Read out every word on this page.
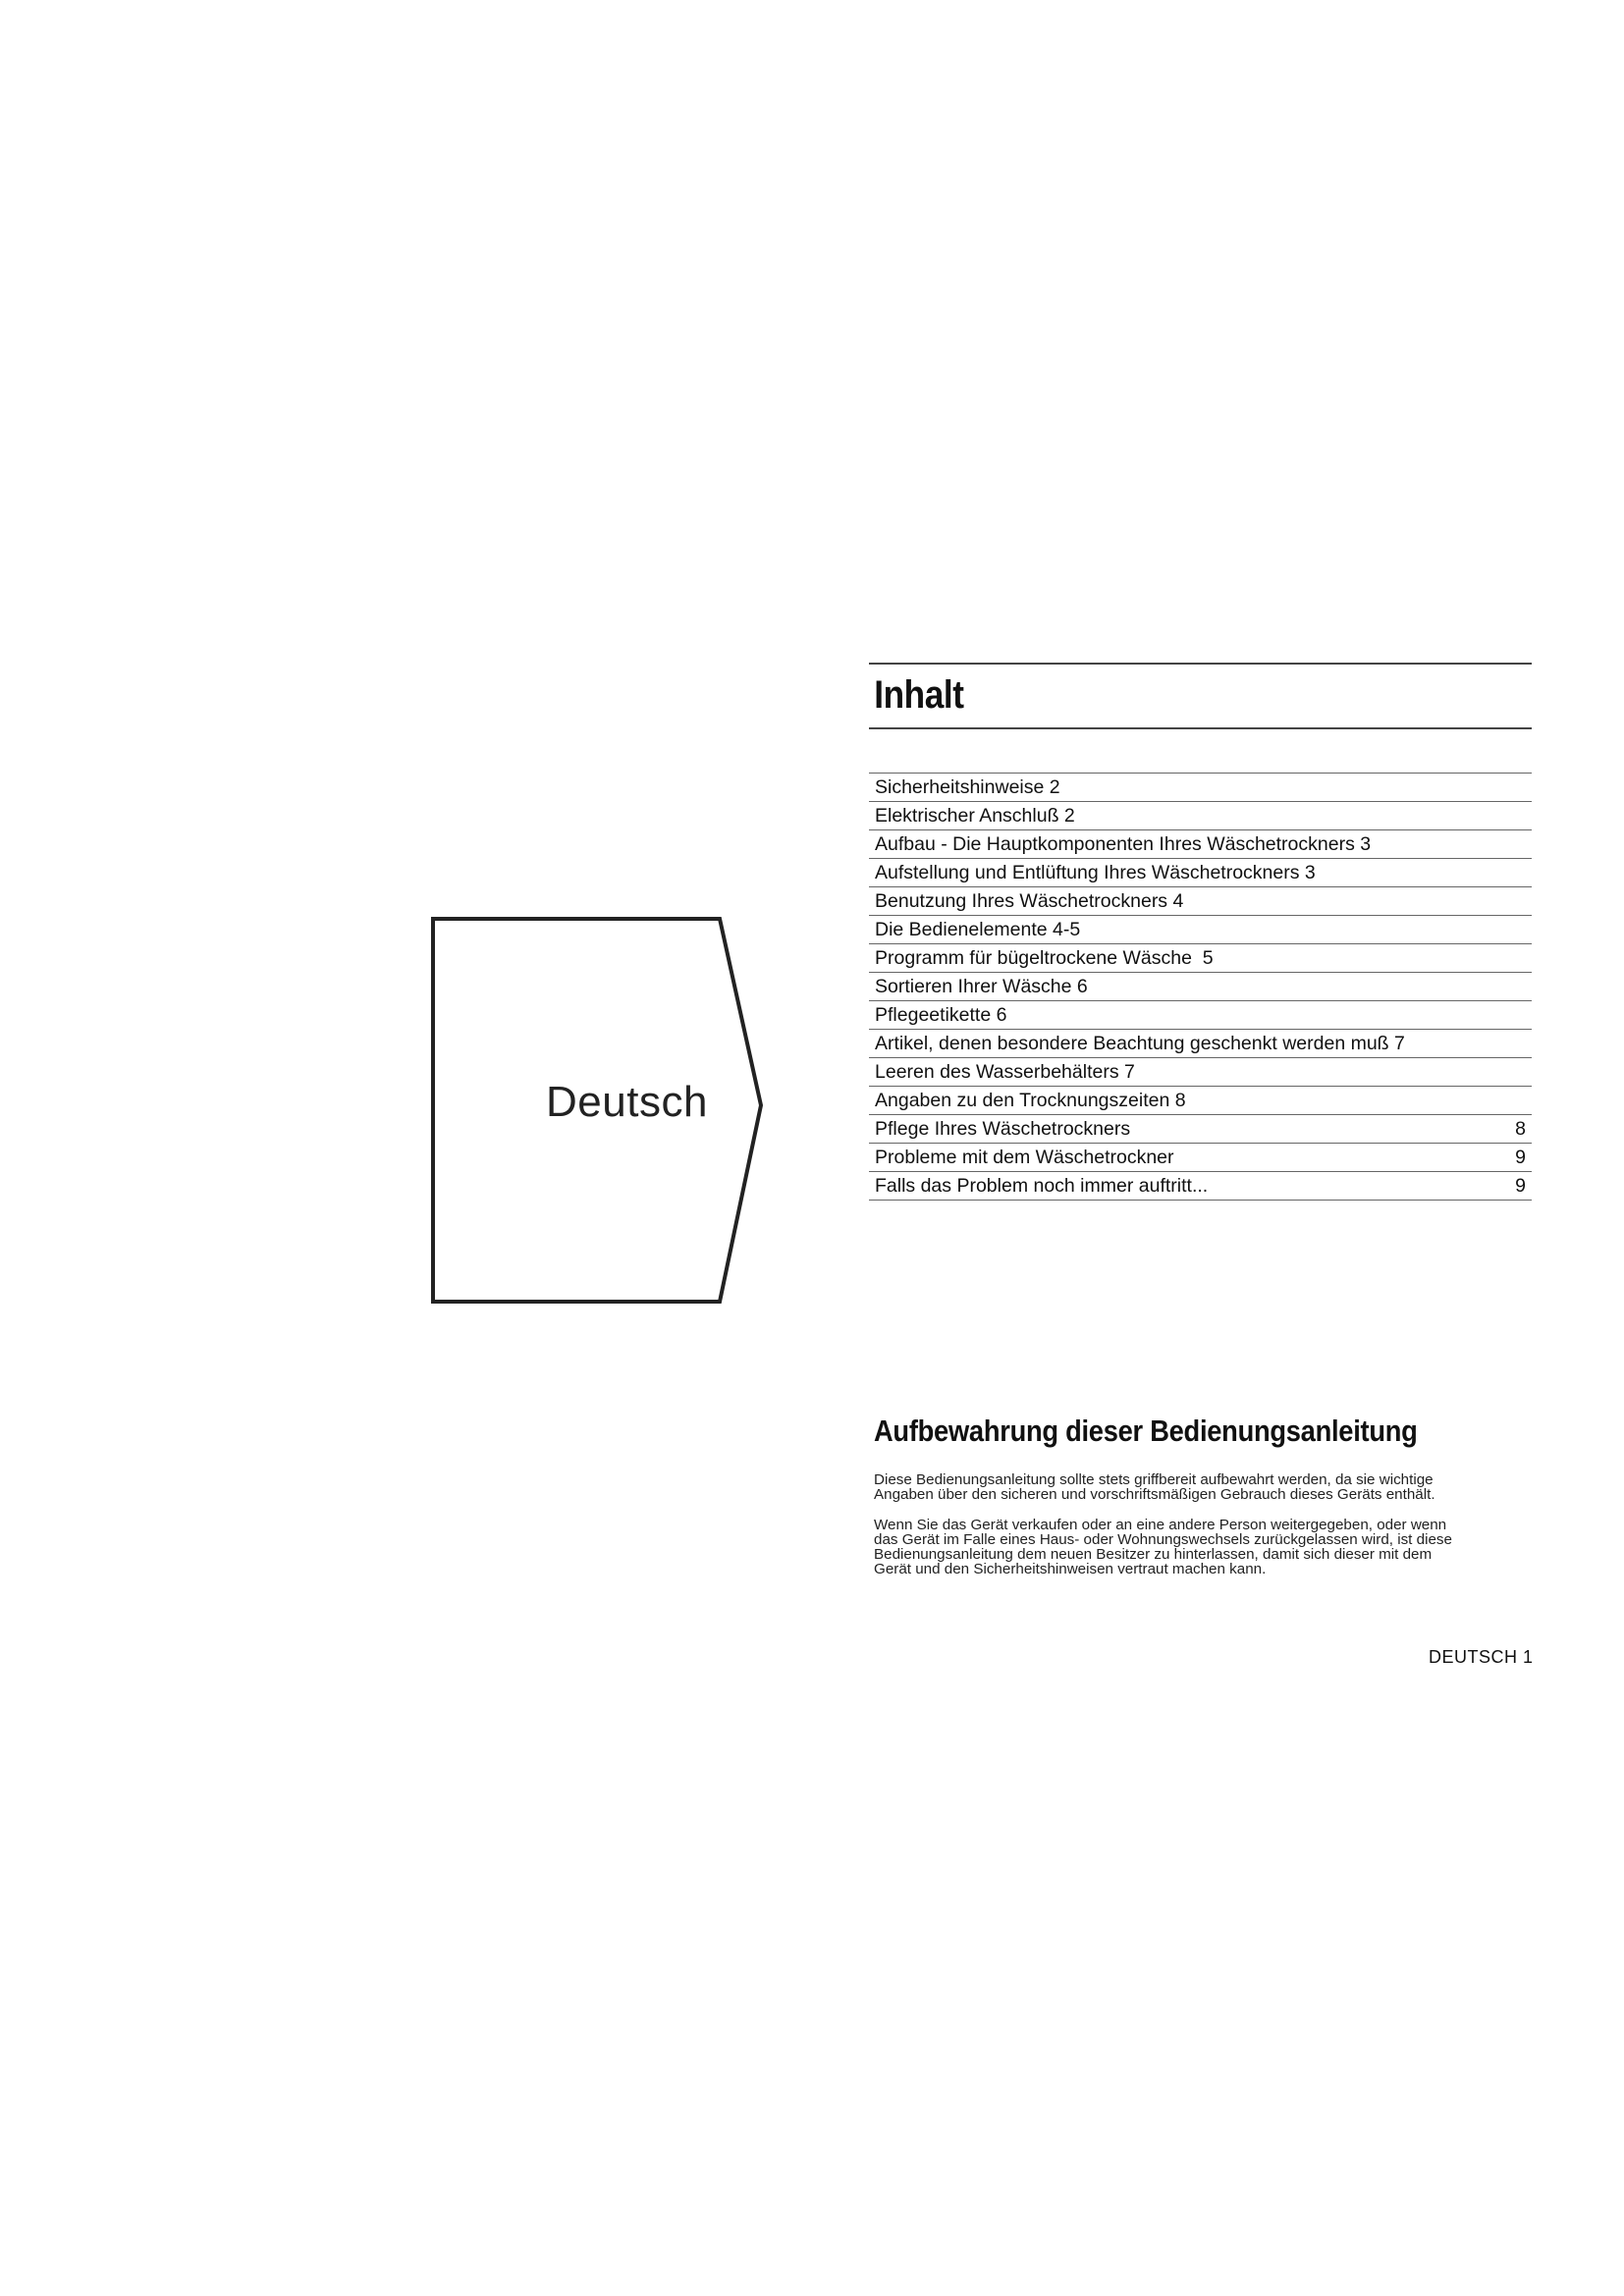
Deutsch
Inhalt
Sicherheitshinweise 2
Elektrischer Anschluß 2
Aufbau - Die Hauptkomponenten Ihres Wäschetrockners 3
Aufstellung und Entlüftung Ihres Wäschetrockners 3
Benutzung Ihres Wäschetrockners 4
Die Bedienelemente 4-5
Programm für bügeltrockene Wäsche  5
Sortieren Ihrer Wäsche 6
Pflegeetikette 6
Artikel, denen besondere Beachtung geschenkt werden muß 7
Leeren des Wasserbehälters 7
Angaben zu den Trocknungszeiten 8
Pflege Ihres Wäschetrockners	8
Probleme mit dem Wäschetrockner	9
Falls das Problem noch immer auftritt...	9
Aufbewahrung dieser Bedienungsanleitung

Diese Bedienungsanleitung sollte stets griffbereit aufbewahrt werden, da sie wichtige
Angaben über den sicheren und vorschriftsmäßigen Gebrauch dieses Geräts enthält.

Wenn Sie das Gerät verkaufen oder an eine andere Person weitergegeben, oder wenn
das Gerät im Falle eines Haus- oder Wohnungswechsels zurückgelassen wird, ist diese
Bedienungsanleitung dem neuen Besitzer zu hinterlassen, damit sich dieser mit dem
Gerät und den Sicherheitshinweisen vertraut machen kann.

DEUTSCH 1
